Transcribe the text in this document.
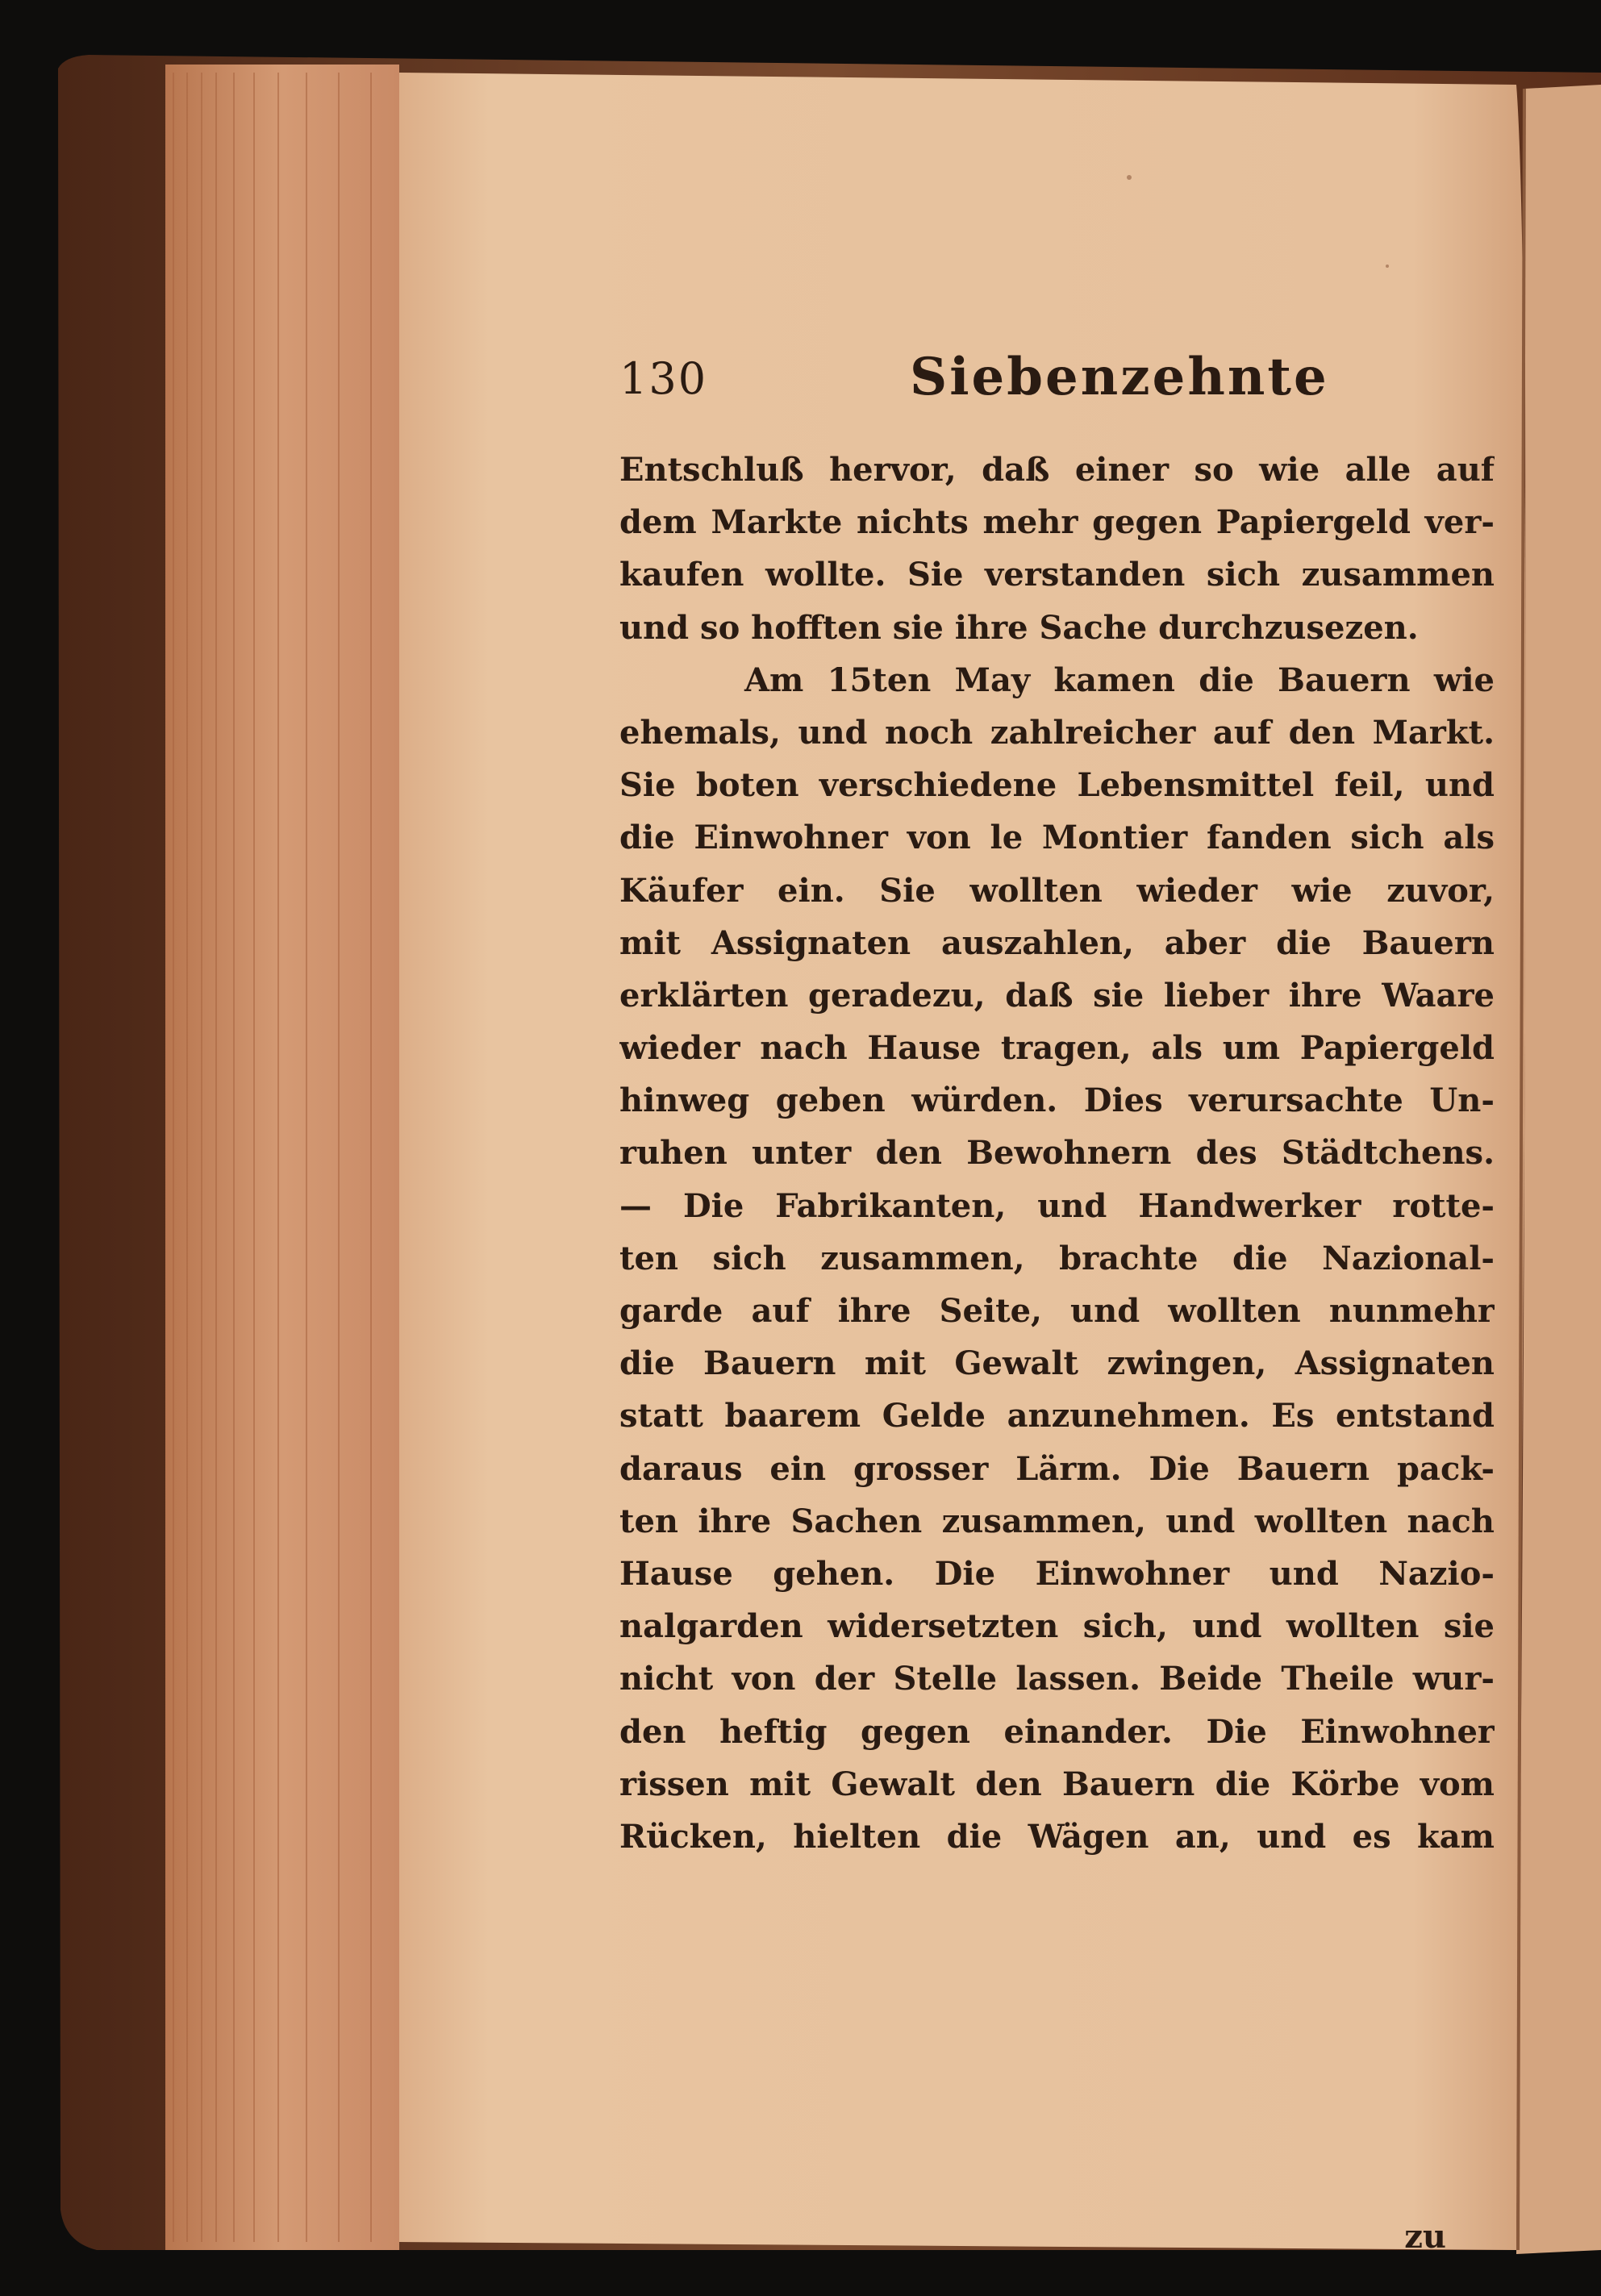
130	Siebenzehnte
Entschluß hervor, daß einer so wie alle auf
dem Markte nichts mehr gegen Papiergeld ver-
kaufen wollte. Sie verstanden sich zusammen
und so hofften sie ihre Sache durchzusezen.
Am 15ten May kamen die Bauern wie
ehemals, und noch zahlreicher auf den Markt.
Sie boten verschiedene Lebensmittel feil, und
die Einwohner von le Montier fanden sich als
Käufer ein. Sie wollten wieder wie zuvor,
mit Assignaten auszahlen, aber die Bauern
erklärten geradezu, daß sie lieber ihre Waare
wieder nach Hause tragen, als um Papiergeld
hinweg geben würden. Dies verursachte Un-
ruhen unter den Bewohnern des Städtchens.
— Die Fabrikanten, und Handwerker rotte-
ten sich zusammen, brachte die Nazional-
garde auf ihre Seite, und wollten nunmehr
die Bauern mit Gewalt zwingen, Assignaten
statt baarem Gelde anzunehmen. Es entstand
daraus ein grosser Lärm. Die Bauern pack-
ten ihre Sachen zusammen, und wollten nach
Hause gehen. Die Einwohner und Nazio-
nalgarden widersetzten sich, und wollten sie
nicht von der Stelle lassen. Beide Theile wur-
den heftig gegen einander. Die Einwohner
rissen mit Gewalt den Bauern die Körbe vom
Rücken, hielten die Wägen an, und es kam
zu
